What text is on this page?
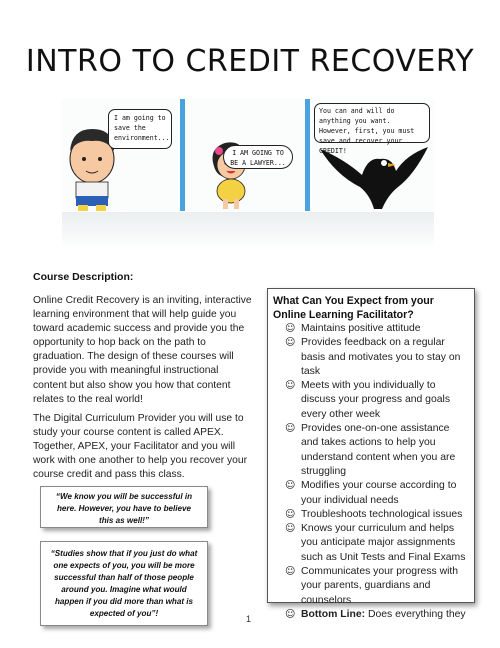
INTRO TO CREDIT RECOVERY
I am going to save the environment...
I AM GOING TO BE A LAWYER...
You can and will do anything you want. However, first, you must save and recover your CREDIT!
Course Description:
Online Credit Recovery is an inviting, interactive learning environment that will help guide you toward academic success and provide you the opportunity to hop back on the path to graduation. The design of these courses will provide you with meaningful instructional content but also show you how that content relates to the real world!
The Digital Curriculum Provider you will use to study your course content is called APEX. Together, APEX, your Facilitator and you will work with one another to help you recover your course credit and pass this class.
“We know you will be successful in here. However, you have to believe this as well!”
“Studies show that if you just do what one expects of you, you will be more successful than half of those people around you. Imagine what would happen if you did more than what is expected of you”!
What Can You Expect from your Online Learning Facilitator?
☺ Maintains positive attitude
☺ Provides feedback on a regular basis and motivates you to stay on task
☺ Meets with you individually to discuss your progress and goals every other week
☺ Provides one-on-one assistance and takes actions to help you understand content when you are struggling
☺ Modifies your course according to your individual needs
☺ Troubleshoots technological issues
☺ Knows your curriculum and helps you anticipate major assignments such as Unit Tests and Final Exams
☺ Communicates your progress with your parents, guardians and counselors
☺ Bottom Line: Does everything they
1
